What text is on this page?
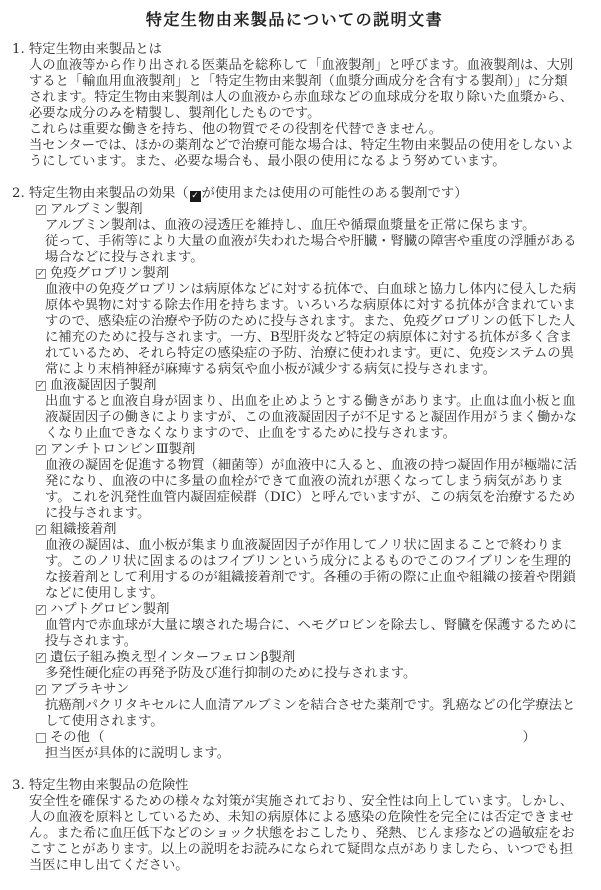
特定生物由来製品についての説明文書
1. 特定生物由来製品とは

人の血液等から作り出される医薬品を総称して「血液製剤」と呼びます。血液製剤は、大別すると「輸血用血液製剤」と「特定生物由来製剤（血漿分画成分を含有する製剤）」に分類されます。特定生物由来製剤は人の血液から赤血球などの血球成分を取り除いた血漿から、必要な成分のみを精製し、製剤化したものです。

これらは重要な働きを持ち、他の物質でその役割を代替できません。

当センターでは、ほかの薬剤などで治療可能な場合は、特定生物由来製品の使用をしないようにしています。また、必要な場合も、最小限の使用になるよう努めています。

2. 特定生物由来製品の効果（ ✓ が使用または使用の可能性のある製剤です）
✓
アルブミン製剤

アルブミン製剤は、血液の浸透圧を維持し、血圧や循環血漿量を正常に保ちます。

従って、手術等により大量の血液が失われた場合や肝臓・腎臓の障害や重度の浮腫がある場合などに投与されます。

✓
免疫グロブリン製剤

血液中の免疫グロブリンは病原体などに対する抗体で、白血球と協力し体内に侵入した病原体や異物に対する除去作用を持ちます。いろいろな病原体に対する抗体が含まれていますので、感染症の治療や予防のために投与されます。また、免疫グロブリンの低下した人に補充のために投与されます。一方、B型肝炎など特定の病原体に対する抗体が多く含まれているため、それら特定の感染症の予防、治療に使われます。更に、免疫システムの異常により末梢神経が麻痺する病気や血小板が減少する病気に投与されます。

✓
血液凝固因子製剤

出血すると血液自身が固まり、出血を止めようとする働きがあります。止血は血小板と血液凝固因子の働きによりますが、この血液凝固因子が不足すると凝固作用がうまく働かなくなり止血できなくなりますので、止血をするために投与されます。

✓
アンチトロンビンⅢ製剤

血液の凝固を促進する物質（細菌等）が血液中に入ると、血液の持つ凝固作用が極端に活発になり、血液の中に多量の血栓ができて血液の流れが悪くなってしまう病気があります。これを汎発性血管内凝固症候群（DIC）と呼んでいますが、この病気を治療するために投与されます。

✓
組織接着剤

血液の凝固は、血小板が集まり血液凝固因子が作用してノリ状に固まることで終わります。このノリ状に固まるのはフイブリンという成分によるものでこのフイブリンを生理的な接着剤として利用するのが組織接着剤です。各種の手術の際に止血や組織の接着や閉鎖などに使用します。

✓
ハプトグロビン製剤

血管内で赤血球が大量に壊された場合に、ヘモグロビンを除去し、腎臓を保護するために投与されます。

✓
遺伝子組み換え型インターフェロンβ製剤

多発性硬化症の再発予防及び進行抑制のために投与されます。

✓
アブラキサン

抗癌剤パクリタキセルに人血清アルブミンを結合させた薬剤です。乳癌などの化学療法として使用されます。

その他 （	）

担当医が具体的に説明します。

3. 特定生物由来製品の危険性

安全性を確保するための様々な対策が実施されており、安全性は向上しています。しかし、人の血液を原料としているため、未知の病原体による感染の危険性を完全には否定できません。また希に血圧低下などのショック状態をおこしたり、発熱、じんま疹などの過敏症をおこすことがあります。以上の説明をお読みになられて疑問な点がありましたら、いつでも担当医に申し出てください。
